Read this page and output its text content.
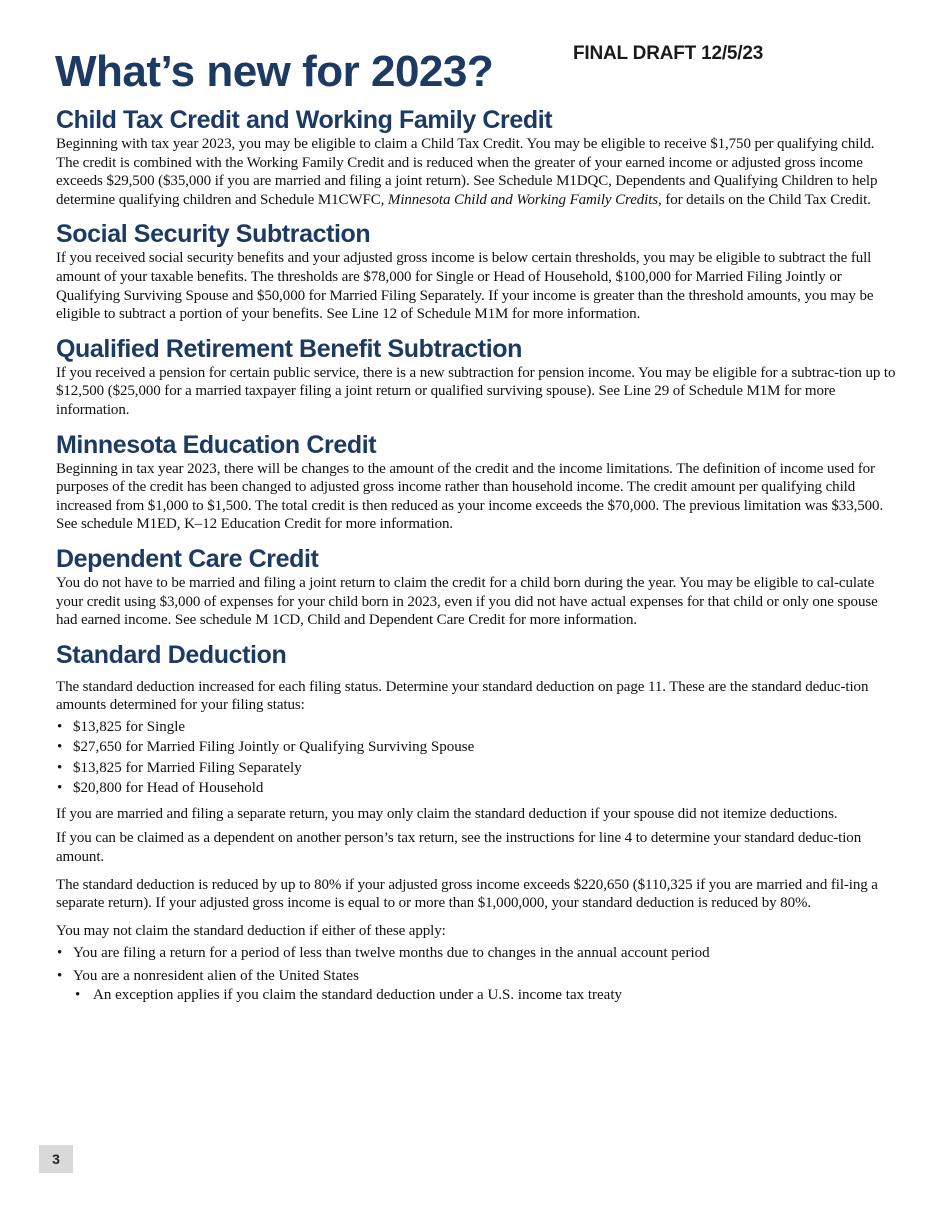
FINAL DRAFT 12/5/23
What’s new for 2023?
Child Tax Credit and Working Family Credit

Beginning with tax year 2023, you may be eligible to claim a Child Tax Credit. You may be eligible to receive $1,750 per qualifying child. The credit is combined with the Working Family Credit and is reduced when the greater of your earned income or adjusted gross income exceeds $29,500 ($35,000 if you are married and filing a joint return). See Schedule M1DQC, Dependents and Qualifying Children to help determine qualifying children and Schedule M1CWFC, Minnesota Child and Working Family Credits, for details on the Child Tax Credit.

Social Security Subtraction

If you received social security benefits and your adjusted gross income is below certain thresholds, you may be eligible to subtract the full amount of your taxable benefits. The thresholds are $78,000 for Single or Head of Household, $100,000 for Married Filing Jointly or Qualifying Surviving Spouse and $50,000 for Married Filing Separately. If your income is greater than the threshold amounts, you may be eligible to subtract a portion of your benefits. See Line 12 of Schedule M1M for more information.

Qualified Retirement Benefit Subtraction

If you received a pension for certain public service, there is a new subtraction for pension income. You may be eligible for a subtrac-tion up to $12,500 ($25,000 for a married taxpayer filing a joint return or qualified surviving spouse). See Line 29 of Schedule M1M for more information.

Minnesota Education Credit

Beginning in tax year 2023, there will be changes to the amount of the credit and the income limitations. The definition of income used for purposes of the credit has been changed to adjusted gross income rather than household income. The credit amount per qualifying child increased from $1,000 to $1,500. The total credit is then reduced as your income exceeds the $70,000. The previous limitation was $33,500. See schedule M1ED, K–12 Education Credit for more information.

Dependent Care Credit

You do not have to be married and filing a joint return to claim the credit for a child born during the year. You may be eligible to cal-culate your credit using $3,000 of expenses for your child born in 2023, even if you did not have actual expenses for that child or only one spouse had earned income. See schedule M 1CD, Child and Dependent Care Credit for more information.

Standard Deduction

The standard deduction increased for each filing status. Determine your standard deduction on page 11. These are the standard deduc-tion amounts determined for your filing status:

• $13,825 for Single
• $27,650 for Married Filing Jointly or Qualifying Surviving Spouse
• $13,825 for Married Filing Separately
• $20,800 for Head of Household

If you are married and filing a separate return, you may only claim the standard deduction if your spouse did not itemize deductions.

If you can be claimed as a dependent on another person’s tax return, see the instructions for line 4 to determine your standard deduc-tion amount.

The standard deduction is reduced by up to 80% if your adjusted gross income exceeds $220,650 ($110,325 if you are married and fil-ing a separate return). If your adjusted gross income is equal to or more than $1,000,000, your standard deduction is reduced by 80%.

You may not claim the standard deduction if either of these apply:

• You are filing a return for a period of less than twelve months due to changes in the annual account period
• You are a nonresident alien of the United States
• An exception applies if you claim the standard deduction under a U.S. income tax treaty
3
